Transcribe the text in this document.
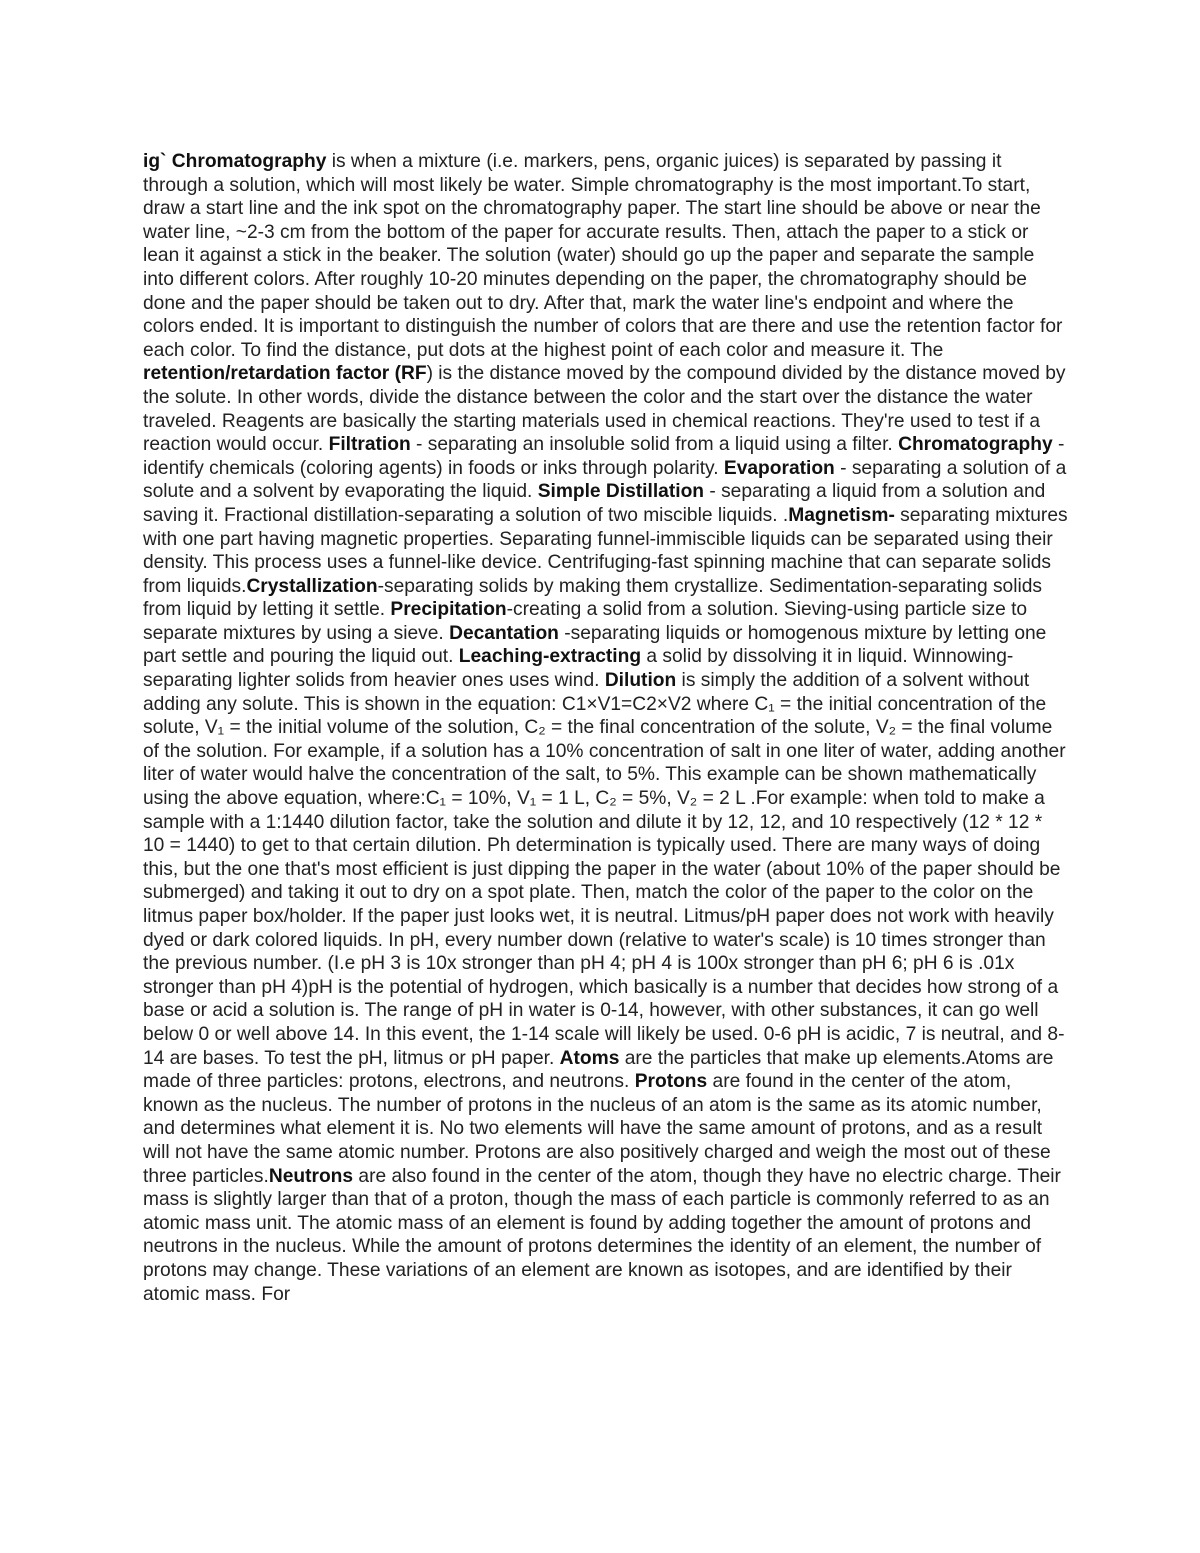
ig` Chromatography is when a mixture (i.e. markers, pens, organic juices) is separated by passing it through a solution, which will most likely be water. Simple chromatography is the most important.To start, draw a start line and the ink spot on the chromatography paper. The start line should be above or near the water line, ~2-3 cm from the bottom of the paper for accurate results. Then, attach the paper to a stick or lean it against a stick in the beaker. The solution (water) should go up the paper and separate the sample into different colors. After roughly 10-20 minutes depending on the paper, the chromatography should be done and the paper should be taken out to dry. After that, mark the water line's endpoint and where the colors ended. It is important to distinguish the number of colors that are there and use the retention factor for each color. To find the distance, put dots at the highest point of each color and measure it. The retention/retardation factor (RF) is the distance moved by the compound divided by the distance moved by the solute. In other words, divide the distance between the color and the start over the distance the water traveled. Reagents are basically the starting materials used in chemical reactions. They're used to test if a reaction would occur. Filtration - separating an insoluble solid from a liquid using a filter. Chromatography - identify chemicals (coloring agents) in foods or inks through polarity. Evaporation - separating a solution of a solute and a solvent by evaporating the liquid. Simple Distillation - separating a liquid from a solution and saving it. Fractional distillation-separating a solution of two miscible liquids. .Magnetism- separating mixtures with one part having magnetic properties. Separating funnel-immiscible liquids can be separated using their density. This process uses a funnel-like device. Centrifuging-fast spinning machine that can separate solids from liquids.Crystallization-separating solids by making them crystallize. Sedimentation-separating solids from liquid by letting it settle. Precipitation-creating a solid from a solution. Sieving-using particle size to separate mixtures by using a sieve. Decantation -separating liquids or homogenous mixture by letting one part settle and pouring the liquid out. Leaching-extracting a solid by dissolving it in liquid. Winnowing-separating lighter solids from heavier ones uses wind. Dilution is simply the addition of a solvent without adding any solute. This is shown in the equation: C1×V1=C2×V2 where C₁ = the initial concentration of the solute, V₁ = the initial volume of the solution, C₂ = the final concentration of the solute, V₂ = the final volume of the solution. For example, if a solution has a 10% concentration of salt in one liter of water, adding another liter of water would halve the concentration of the salt, to 5%. This example can be shown mathematically using the above equation, where:C₁ = 10%, V₁ = 1 L, C₂ = 5%, V₂ = 2 L .For example: when told to make a sample with a 1:1440 dilution factor, take the solution and dilute it by 12, 12, and 10 respectively (12 * 12 * 10 = 1440) to get to that certain dilution. Ph determination is typically used. There are many ways of doing this, but the one that's most efficient is just dipping the paper in the water (about 10% of the paper should be submerged) and taking it out to dry on a spot plate. Then, match the color of the paper to the color on the litmus paper box/holder. If the paper just looks wet, it is neutral. Litmus/pH paper does not work with heavily dyed or dark colored liquids. In pH, every number down (relative to water's scale) is 10 times stronger than the previous number. (I.e pH 3 is 10x stronger than pH 4; pH 4 is 100x stronger than pH 6; pH 6 is .01x stronger than pH 4)pH is the potential of hydrogen, which basically is a number that decides how strong of a base or acid a solution is. The range of pH in water is 0-14, however, with other substances, it can go well below 0 or well above 14. In this event, the 1-14 scale will likely be used. 0-6 pH is acidic, 7 is neutral, and 8-14 are bases. To test the pH, litmus or pH paper. Atoms are the particles that make up elements.Atoms are made of three particles: protons, electrons, and neutrons. Protons are found in the center of the atom, known as the nucleus. The number of protons in the nucleus of an atom is the same as its atomic number, and determines what element it is. No two elements will have the same amount of protons, and as a result will not have the same atomic number. Protons are also positively charged and weigh the most out of these three particles.Neutrons are also found in the center of the atom, though they have no electric charge. Their mass is slightly larger than that of a proton, though the mass of each particle is commonly referred to as an atomic mass unit. The atomic mass of an element is found by adding together the amount of protons and neutrons in the nucleus. While the amount of protons determines the identity of an element, the number of protons may change. These variations of an element are known as isotopes, and are identified by their atomic mass. For
